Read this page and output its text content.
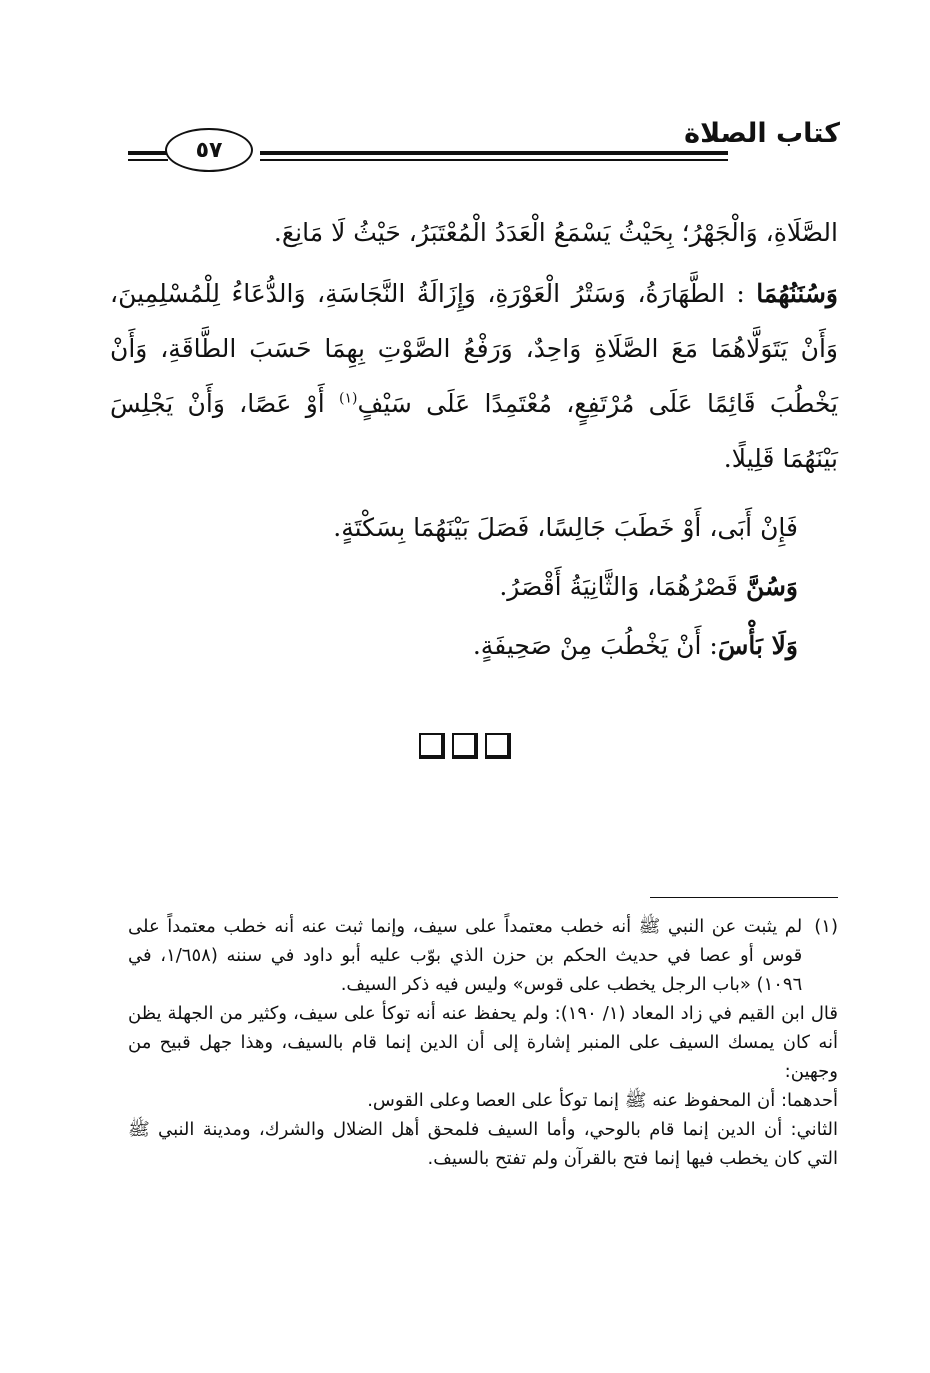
كتاب الصلاة
٥٧

الصَّلَاةِ، وَالْجَهْرُ؛ بِحَيْثُ يَسْمَعُ الْعَدَدُ الْمُعْتَبَرُ، حَيْثُ لَا مَانِعَ.

وَسُنَنُهُمَا : الطَّهَارَةُ، وَسَتْرُ الْعَوْرَةِ، وَإِزَالَةُ النَّجَاسَةِ، وَالدُّعَاءُ لِلْمُسْلِمِينَ، وَأَنْ يَتَوَلَّاهُمَا مَعَ الصَّلَاةِ وَاحِدٌ، وَرَفْعُ الصَّوْتِ بِهِمَا حَسَبَ الطَّاقَةِ، وَأَنْ يَخْطُبَ قَائِمًا عَلَى مُرْتَفِعٍ، مُعْتَمِدًا عَلَى سَيْفٍ$^{(١)}$ أَوْ عَصًا، وَأَنْ يَجْلِسَ بَيْنَهُمَا قَلِيلًا.

فَإِنْ أَبَى، أَوْ خَطَبَ جَالِسًا، فَصَلَ بَيْنَهُمَا بِسَكْتَةٍ.

وَسُنَّ قَصْرُهُمَا، وَالثَّانِيَةُ أَقْصَرُ.

وَلَا بَأْسَ: أَنْ يَخْطُبَ مِنْ صَحِيفَةٍ.

(١)
لم يثبت عن النبي ﷺ أنه خطب معتمداً على سيف، وإنما ثبت عنه أنه خطب معتمداً على قوس أو عصا في حديث الحكم بن حزن الذي بوّب عليه أبو داود في سننه (١/٦٥٨، في ١٠٩٦) «باب الرجل يخطب على قوس» وليس فيه ذكر السيف.

قال ابن القيم في زاد المعاد (١/ ١٩٠): ولم يحفظ عنه أنه توكأ على سيف، وكثير من الجهلة يظن أنه كان يمسك السيف على المنبر إشارة إلى أن الدين إنما قام بالسيف، وهذا جهل قبيح من وجهين:

أحدهما: أن المحفوظ عنه ﷺ إنما توكأ على العصا وعلى القوس.

الثاني: أن الدين إنما قام بالوحي، وأما السيف فلمحق أهل الضلال والشرك، ومدينة النبي ﷺ التي كان يخطب فيها إنما فتح بالقرآن ولم تفتح بالسيف.
